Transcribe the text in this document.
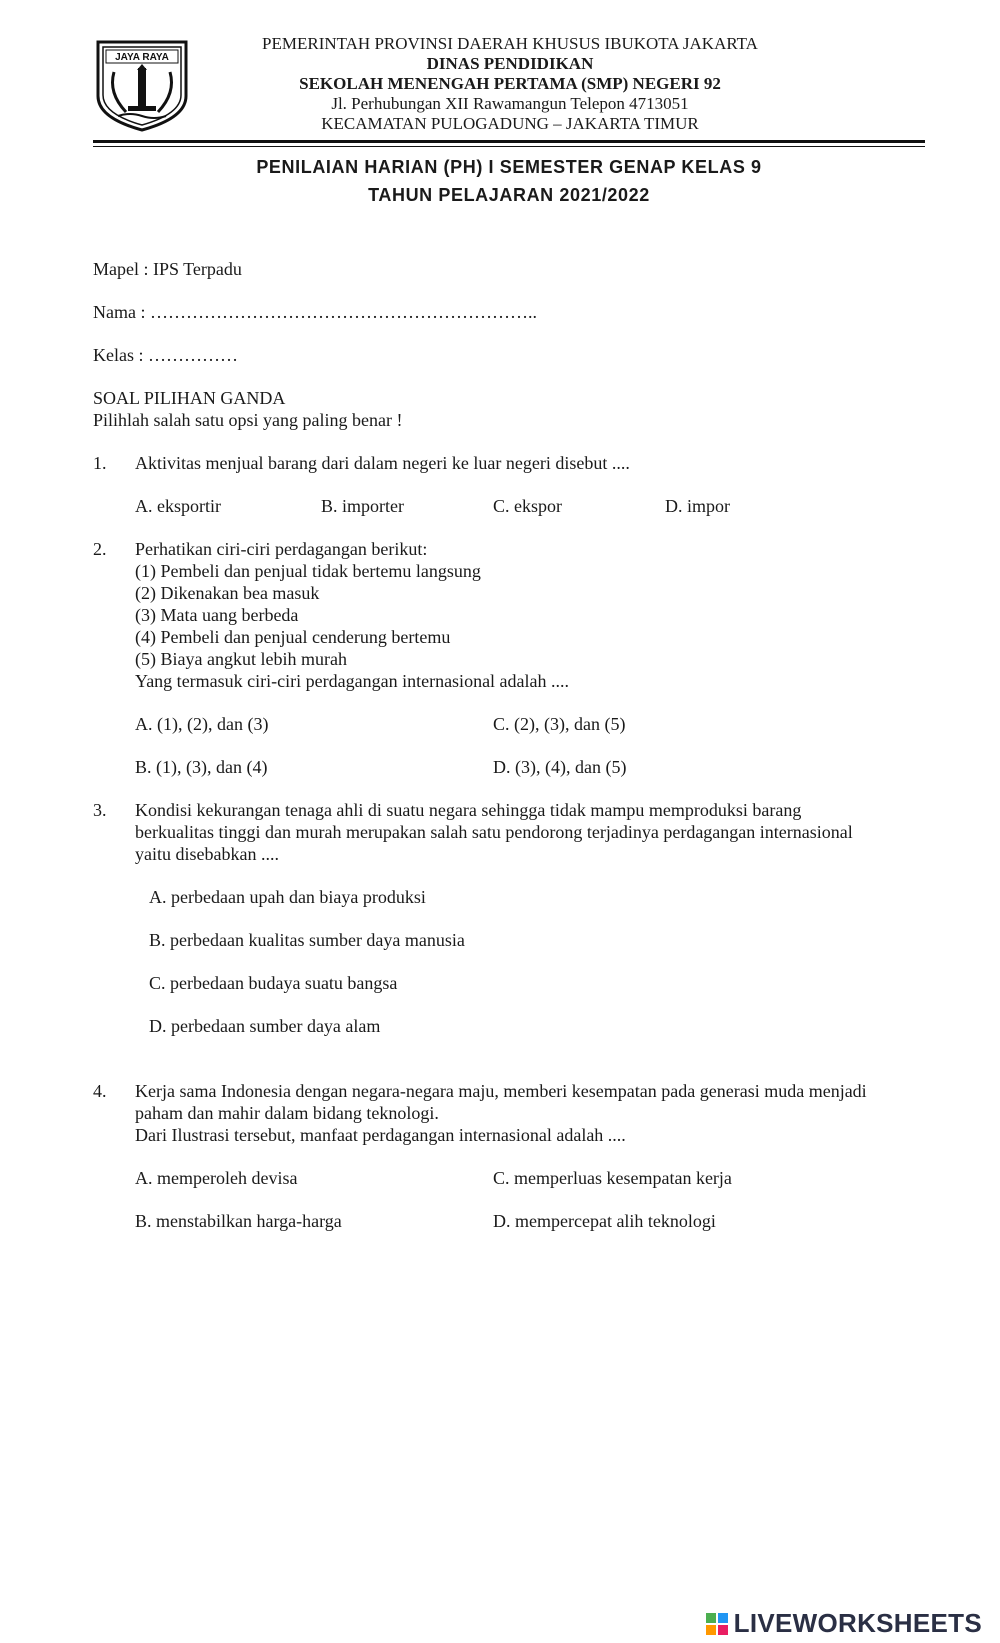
JAYA RAYA
PEMERINTAH PROVINSI DAERAH KHUSUS IBUKOTA JAKARTA
DINAS PENDIDIKAN
SEKOLAH MENENGAH PERTAMA (SMP) NEGERI 92
Jl. Perhubungan XII Rawamangun Telepon 4713051
KECAMATAN PULOGADUNG – JAKARTA TIMUR
PENILAIAN HARIAN (PH) I SEMESTER GENAP KELAS 9
TAHUN PELAJARAN 2021/2022
Mapel : IPS Terpadu
Nama : ………………………………………………………..
Kelas : ……………
SOAL PILIHAN GANDA
Pilihlah salah satu opsi yang paling benar !
1. Aktivitas menjual barang dari dalam negeri ke luar negeri disebut ....
A. eksportir	B. importer	C. ekspor	D. impor
2. Perhatikan ciri-ciri perdagangan berikut:
(1) Pembeli dan penjual tidak bertemu langsung
(2) Dikenakan bea masuk
(3) Mata uang berbeda
(4) Pembeli dan penjual cenderung bertemu
(5) Biaya angkut lebih murah
Yang termasuk ciri-ciri perdagangan internasional adalah ....
A. (1), (2), dan (3)	C. (2), (3), dan (5)
B. (1), (3), dan (4)	D. (3), (4), dan (5)
3. Kondisi kekurangan tenaga ahli di suatu negara sehingga tidak mampu memproduksi barang
berkualitas tinggi dan murah merupakan salah satu pendorong terjadinya perdagangan internasional
yaitu disebabkan ....
A. perbedaan upah dan biaya produksi
B. perbedaan kualitas sumber daya manusia
C. perbedaan budaya suatu bangsa
D. perbedaan sumber daya alam
4. Kerja sama Indonesia dengan negara-negara maju, memberi kesempatan pada generasi muda menjadi
paham dan mahir dalam bidang teknologi.
Dari Ilustrasi tersebut, manfaat perdagangan internasional adalah ....
A. memperoleh devisa	C. memperluas kesempatan kerja
B. menstabilkan harga-harga	D. mempercepat alih teknologi
LIVEWORKSHEETS
